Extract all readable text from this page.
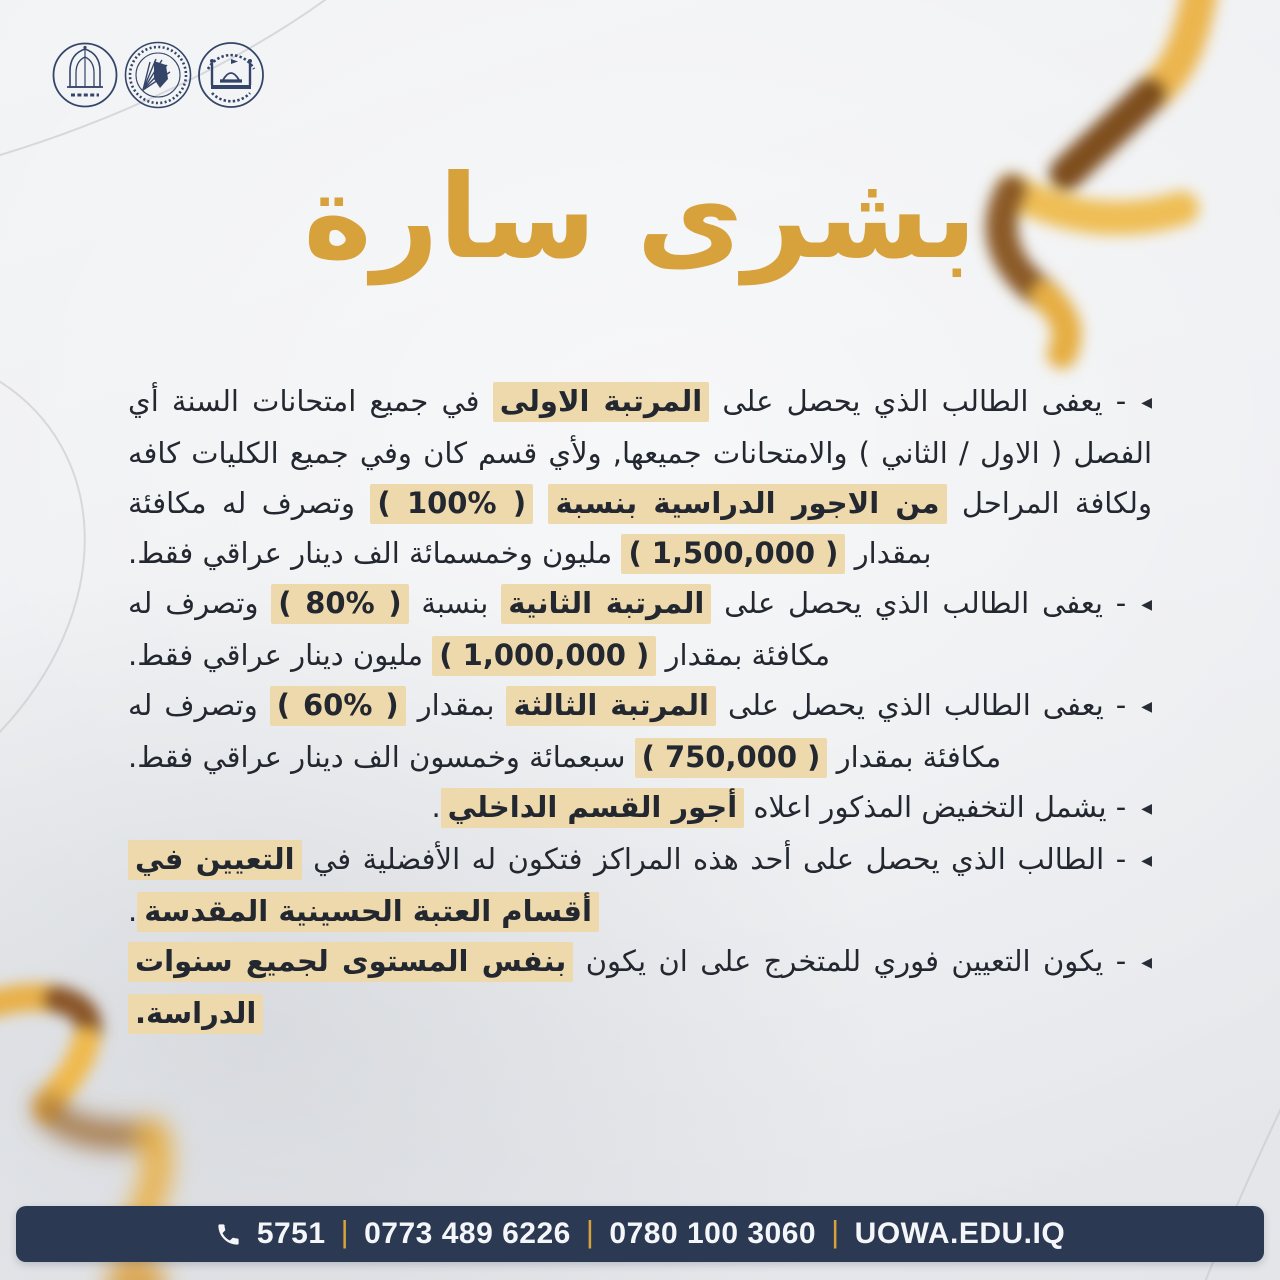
بشرى سارة
◀- يعفى الطالب الذي يحصل على المرتبة الاولى في جميع امتحانات السنة أي الفصل ( الاول / الثاني ) والامتحانات جميعها, ولأي قسم كان وفي جميع الكليات كافه ولكافة المراحل من الاجور الدراسية بنسبة ( %100 ) وتصرف له مكافئة بمقدار ( 1,500,000 ) مليون وخمسمائة الف دينار عراقي فقط.
◀- يعفى الطالب الذي يحصل على المرتبة الثانية بنسبة ( %80 ) وتصرف له مكافئة بمقدار ( 1,000,000 ) مليون دينار عراقي فقط.
◀- يعفى الطالب الذي يحصل على المرتبة الثالثة بمقدار ( %60 ) وتصرف له مكافئة بمقدار ( 750,000 ) سبعمائة وخمسون الف دينار عراقي فقط.
◀- يشمل التخفيض المذكور اعلاه أجور القسم الداخلي.
◀- الطالب الذي يحصل على أحد هذه المراكز فتكون له الأفضلية في التعيين في أقسام العتبة الحسينية المقدسة.
◀- يكون التعيين فوري للمتخرج على ان يكون بنفس المستوى لجميع سنوات الدراسة.
5751 | 0773 489 6226 | 0780 100 3060 | UOWA.EDU.IQ
